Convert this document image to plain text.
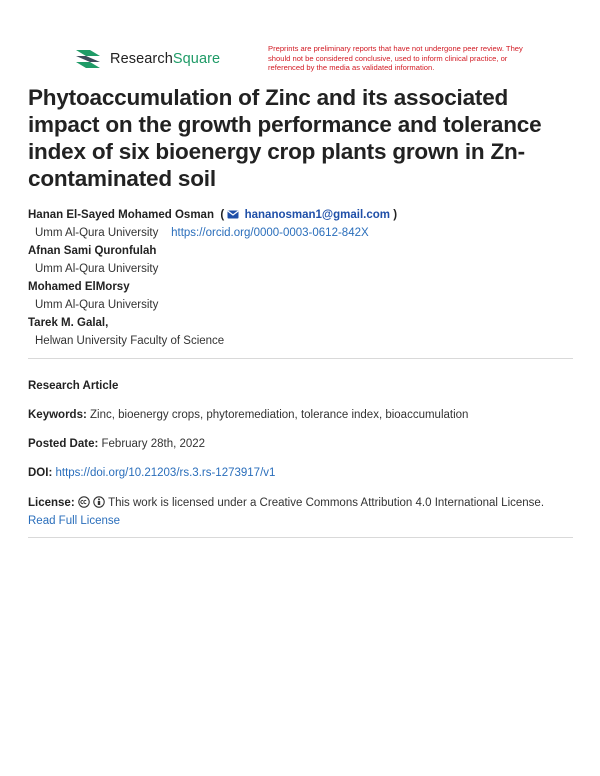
ResearchSquare
Preprints are preliminary reports that have not undergone peer review. They should not be considered conclusive, used to inform clinical practice, or referenced by the media as validated information.
Phytoaccumulation of Zinc and its associated impact on the growth performance and tolerance index of six bioenergy crop plants grown in Zn-contaminated soil
Hanan El-Sayed Mohamed Osman ( hananosman1@gmail.com )
Umm Al-Qura University https://orcid.org/0000-0003-0612-842X
Afnan Sami Quronfulah
Umm Al-Qura University
Mohamed ElMorsy
Umm Al-Qura University
Tarek M. Galal,
Helwan University Faculty of Science
Research Article
Keywords: Zinc, bioenergy crops, phytoremediation, tolerance index, bioaccumulation
Posted Date: February 28th, 2022
DOI: https://doi.org/10.21203/rs.3.rs-1273917/v1
License:	This work is licensed under a Creative Commons Attribution 4.0 International License.
Read Full License
